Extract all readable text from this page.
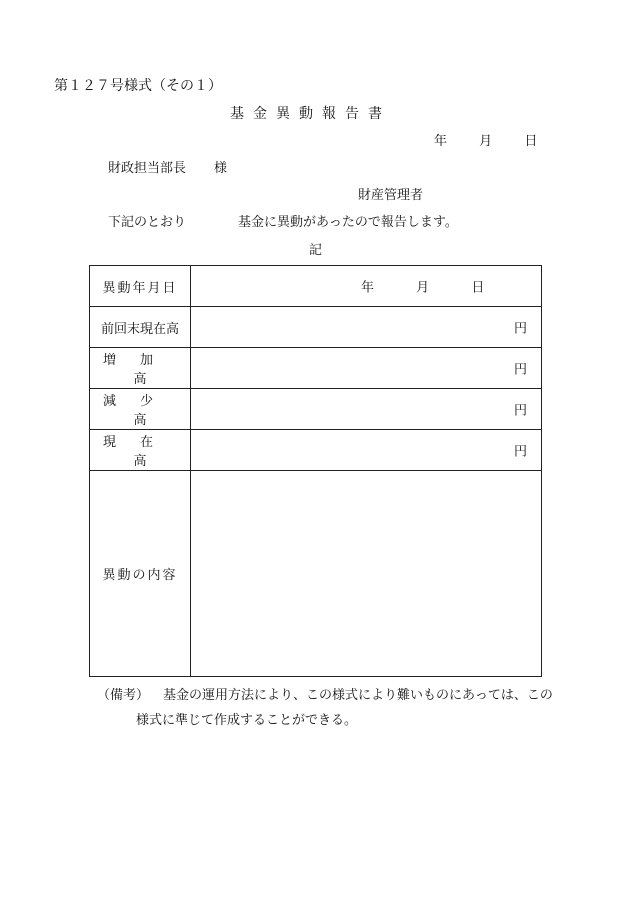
第１２７号様式（その１）
基金異動報告書
年 月 日
財政担当部長 様
財産管理者
下記のとおり	基金に異動があったので報告します。
記
異動年月日	年 月 日

前回末現在高	円

増加高	円

減少高	円

現在高	円

異動の内容	
（備考） 基金の運用方法により、この様式により難いものにあっては、この
様式に準じて作成することができる。
